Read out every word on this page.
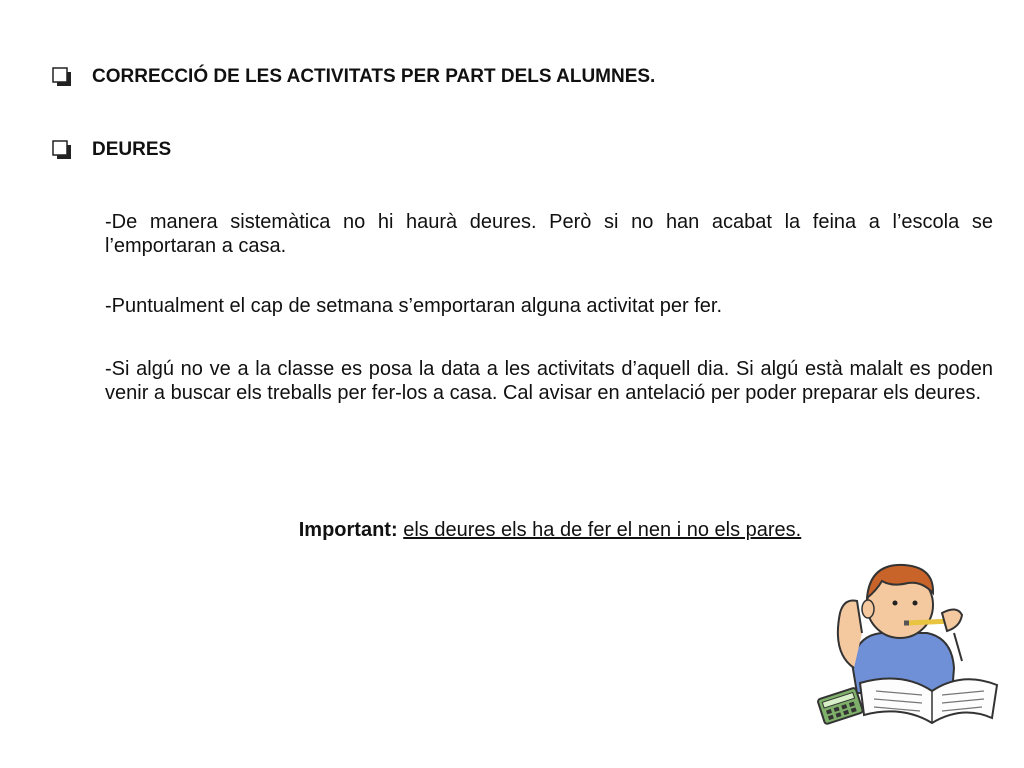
CORRECCIÓ DE LES ACTIVITATS PER PART DELS ALUMNES.
DEURES
-De manera sistemàtica no hi haurà deures. Però si no han acabat la feina a l’escola se l’emportaran a casa.
-Puntualment el cap de setmana s’emportaran alguna activitat per fer.
-Si algú no ve a la classe es posa la data a les activitats d’aquell dia. Si algú està malalt es poden venir a buscar els treballs per fer-los a casa. Cal avisar en antelació per poder preparar els deures.
Important: els deures els ha de fer el nen i no els pares.
